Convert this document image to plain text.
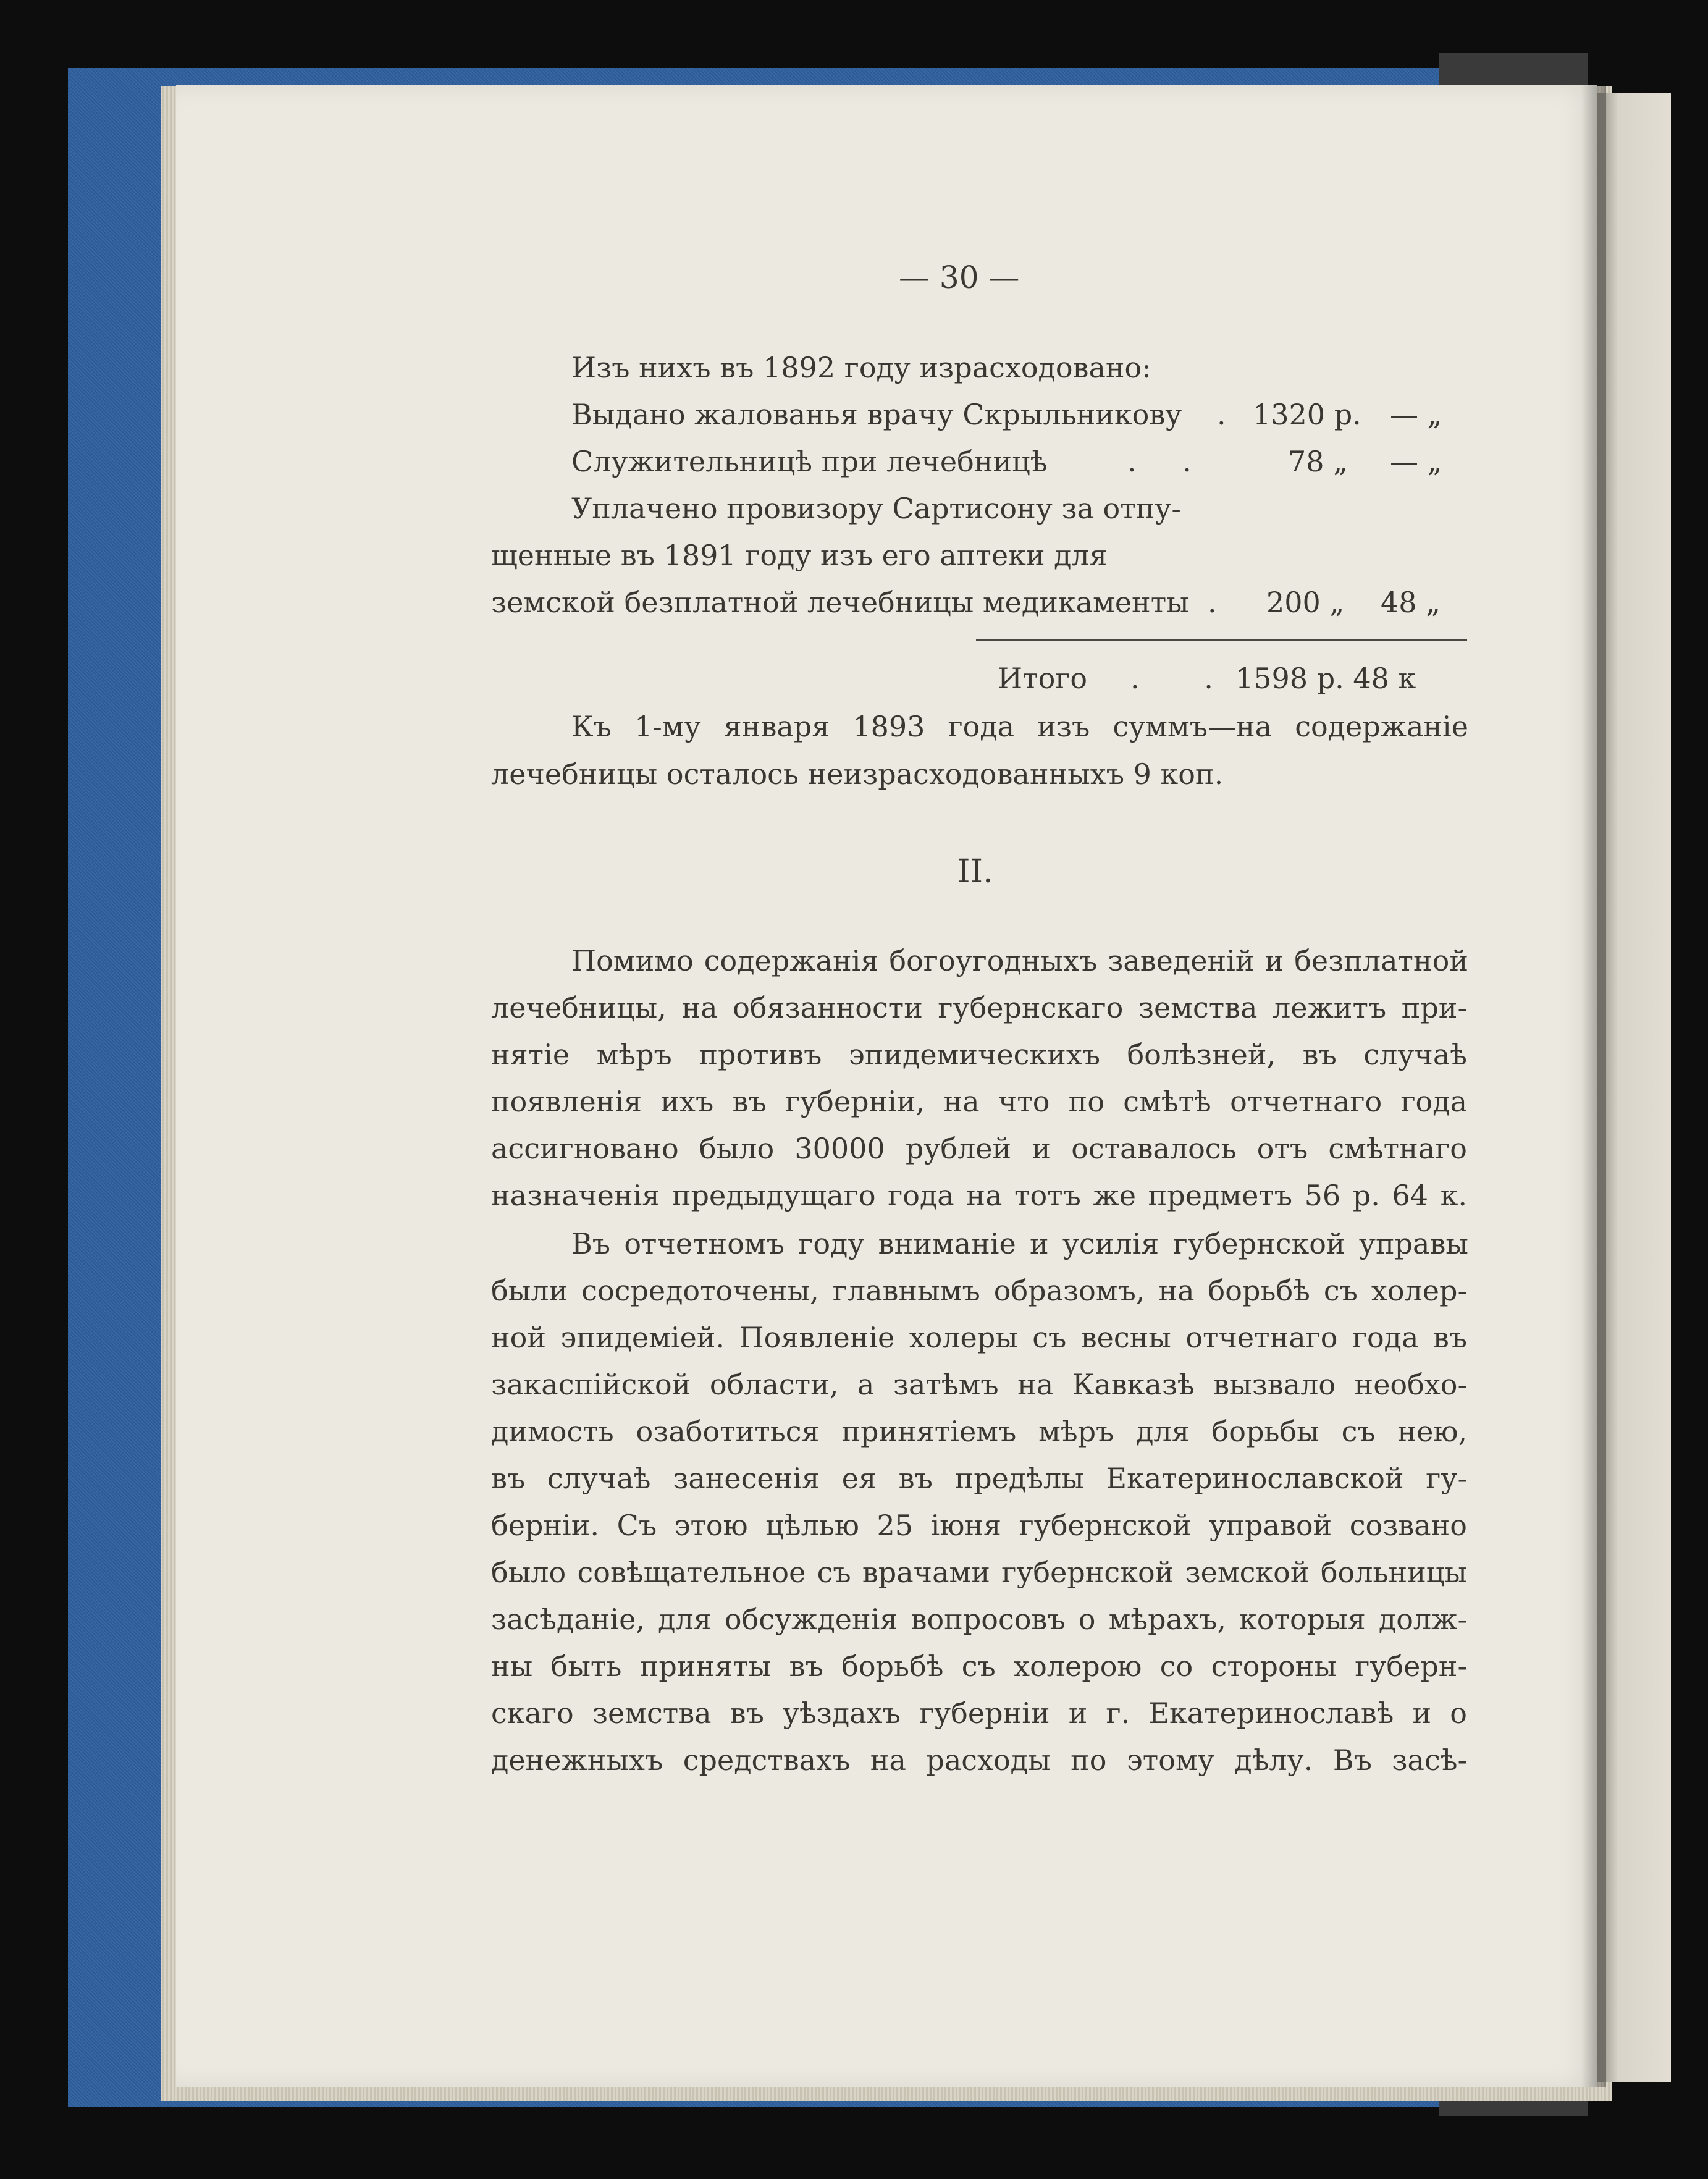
— 30 —
Изъ нихъ въ 1892 году израсходовано:
Выдано жалованья врачу Скрыльникову . 1320 р. — „
Служительницѣ при лечебницѣ	. .	78 „ — „
Уплачено провизору Сартисону за отпу-
щенные въ 1891 году изъ его аптеки для
земской безплатной лечебницы медикаменты . 200 „ 48 „
Итого . . 1598 р. 48 к
Къ 1-му января 1893 года изъ суммъ—на содержаніе
лечебницы осталось неизрасходованныхъ 9 коп.
II.
Помимо содержанія богоугодныхъ заведеній и безплатной
лечебницы, на обязанности губернскаго земства лежитъ при-
нятіе мѣръ противъ эпидемическихъ болѣзней, въ случаѣ
появленія ихъ въ губерніи, на что по смѣтѣ отчетнаго года
ассигновано было 30000 рублей и оставалось отъ смѣтнаго
назначенія предыдущаго года на тотъ же предметъ 56 р. 64 к.
Въ отчетномъ году вниманіе и усилія губернской управы
были сосредоточены, главнымъ образомъ, на борьбѣ съ холер-
ной эпидеміей. Появленіе холеры съ весны отчетнаго года въ
закаспійской области, а затѣмъ на Кавказѣ вызвало необхо-
димость озаботиться принятіемъ мѣръ для борьбы съ нею,
въ случаѣ занесенія ея въ предѣлы Екатеринославской гу-
берніи. Съ этою цѣлью 25 іюня губернской управой созвано
было совѣщательное съ врачами губернской земской больницы
засѣданіе, для обсужденія вопросовъ о мѣрахъ, которыя долж-
ны быть приняты въ борьбѣ съ холерою со стороны губерн-
скаго земства въ уѣздахъ губерніи и г. Екатеринославѣ и о
денежныхъ средствахъ на расходы по этому дѣлу. Въ засѣ-
